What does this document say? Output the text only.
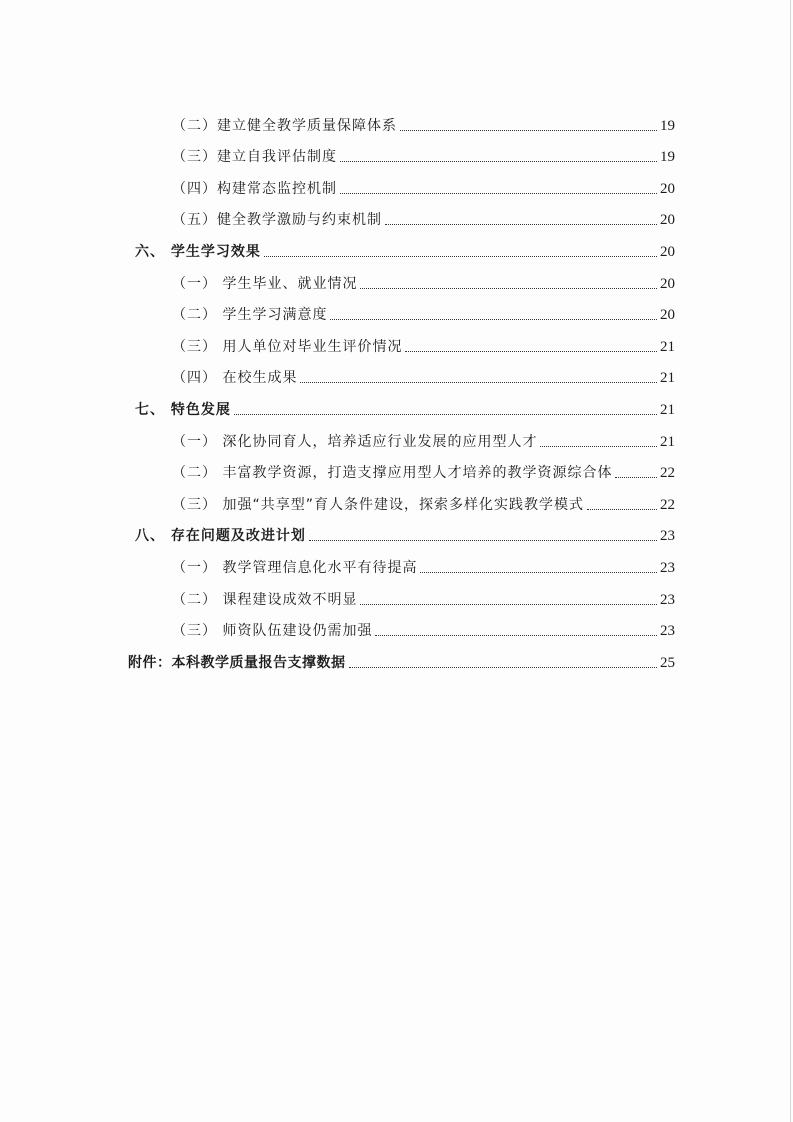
（二）建立健全教学质量保障体系	19
（三）建立自我评估制度	19
（四）构建常态监控机制	20
（五）健全教学激励与约束机制	20
六、 学生学习效果	20
（一） 学生毕业、就业情况	20
（二） 学生学习满意度	20
（三） 用人单位对毕业生评价情况	21
（四） 在校生成果	21
七、 特色发展	21
（一） 深化协同育人，培养适应行业发展的应用型人才	21
（二） 丰富教学资源，打造支撑应用型人才培养的教学资源综合体	22
（三） 加强“共享型”育人条件建设，探索多样化实践教学模式	22
八、 存在问题及改进计划	23
（一） 教学管理信息化水平有待提高	23
（二） 课程建设成效不明显	23
（三） 师资队伍建设仍需加强	23
附件：本科教学质量报告支撑数据	25
